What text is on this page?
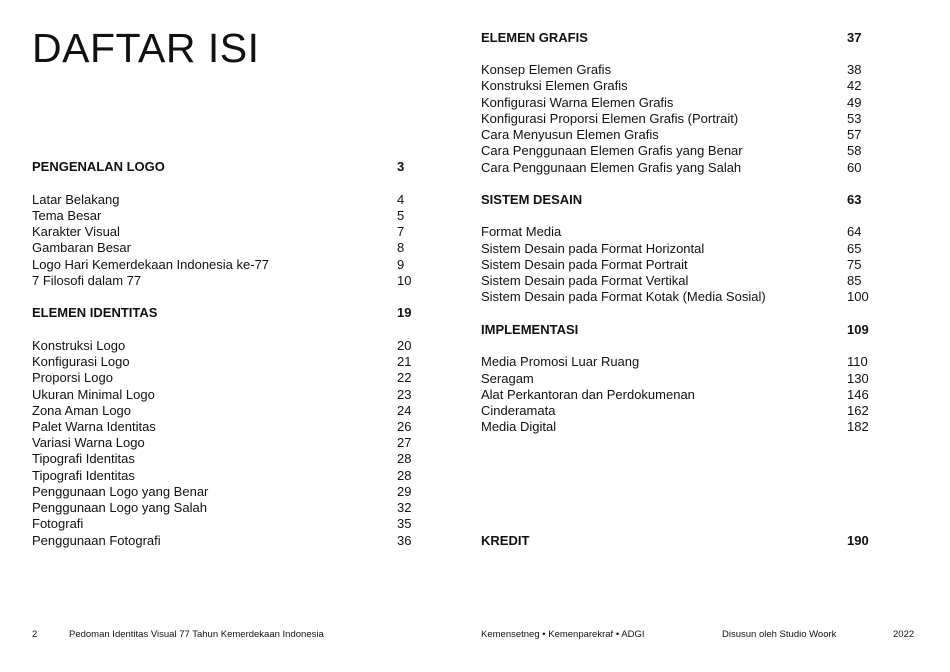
DAFTAR ISI
PENGENALAN LOGO	3
Latar Belakang	4
Tema Besar	5
Karakter Visual	7
Gambaran Besar	8
Logo Hari Kemerdekaan Indonesia ke-77	9
7 Filosofi dalam 77	10
ELEMEN IDENTITAS	19
Konstruksi Logo	20
Konfigurasi Logo	21
Proporsi Logo	22
Ukuran Minimal Logo	23
Zona Aman Logo	24
Palet Warna Identitas	26
Variasi Warna Logo	27
Tipografi Identitas	28
Tipografi Identitas	28
Penggunaan Logo yang Benar	29
Penggunaan Logo yang Salah	32
Fotografi	35
Penggunaan Fotografi	36
ELEMEN GRAFIS	37
Konsep Elemen Grafis	38
Konstruksi Elemen Grafis	42
Konfigurasi Warna Elemen Grafis	49
Konfigurasi Proporsi Elemen Grafis (Portrait)	53
Cara Menyusun Elemen Grafis	57
Cara Penggunaan Elemen Grafis yang Benar	58
Cara Penggunaan Elemen Grafis yang Salah	60
SISTEM DESAIN	63
Format Media	64
Sistem Desain pada Format Horizontal	65
Sistem Desain pada Format Portrait	75
Sistem Desain pada Format Vertikal	85
Sistem Desain pada Format Kotak (Media Sosial)	100
IMPLEMENTASI	109
Media Promosi Luar Ruang	110
Seragam	130
Alat Perkantoran dan Perdokumenan	146
Cinderamata	162
Media Digital	182
KREDIT	190
2	Pedoman Identitas Visual 77 Tahun Kemerdekaan Indonesia	Kemensetneg • Kemenparekraf • ADGI	Disusun oleh Studio Woork	2022
